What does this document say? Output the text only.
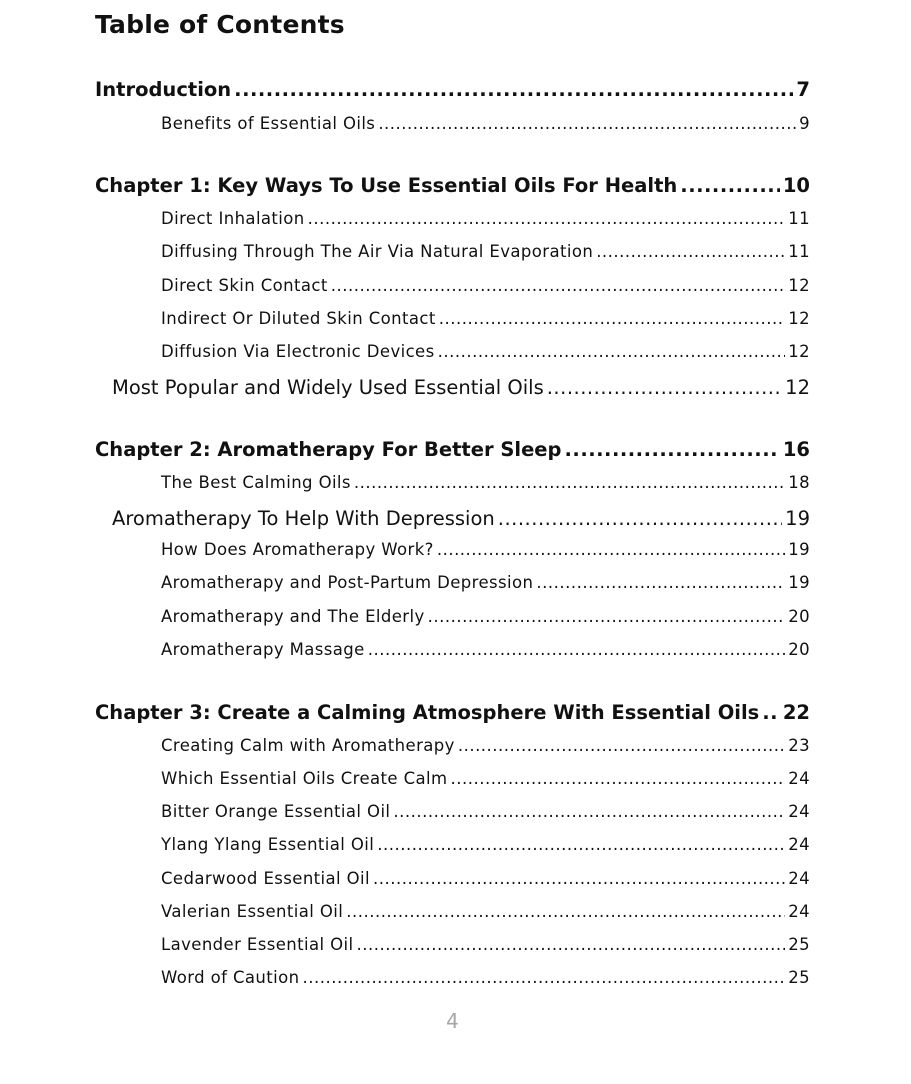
Table of Contents
Introduction .....	7
Benefits of Essential Oils .....	9
Chapter 1: Key Ways To Use Essential Oils For Health .....	10
Direct Inhalation .....	11
Diffusing Through The Air Via Natural Evaporation .....	11
Direct Skin Contact .....	12
Indirect Or Diluted Skin Contact .....	12
Diffusion Via Electronic Devices .....	12
Most Popular and Widely Used Essential Oils .....	12
Chapter 2: Aromatherapy For Better Sleep .....	16
The Best Calming Oils .....	18
Aromatherapy To Help With Depression .....	19
How Does Aromatherapy Work? .....	19
Aromatherapy and Post-Partum Depression .....	19
Aromatherapy and The Elderly .....	20
Aromatherapy Massage .....	20
Chapter 3: Create a Calming Atmosphere With Essential Oils ..... 22
Creating Calm with Aromatherapy .....	23
Which Essential Oils Create Calm .....	24
Bitter Orange Essential Oil .....	24
Ylang Ylang Essential Oil .....	24
Cedarwood Essential Oil .....	24
Valerian Essential Oil .....	24
Lavender Essential Oil .....	25
Word of Caution .....	25
4
